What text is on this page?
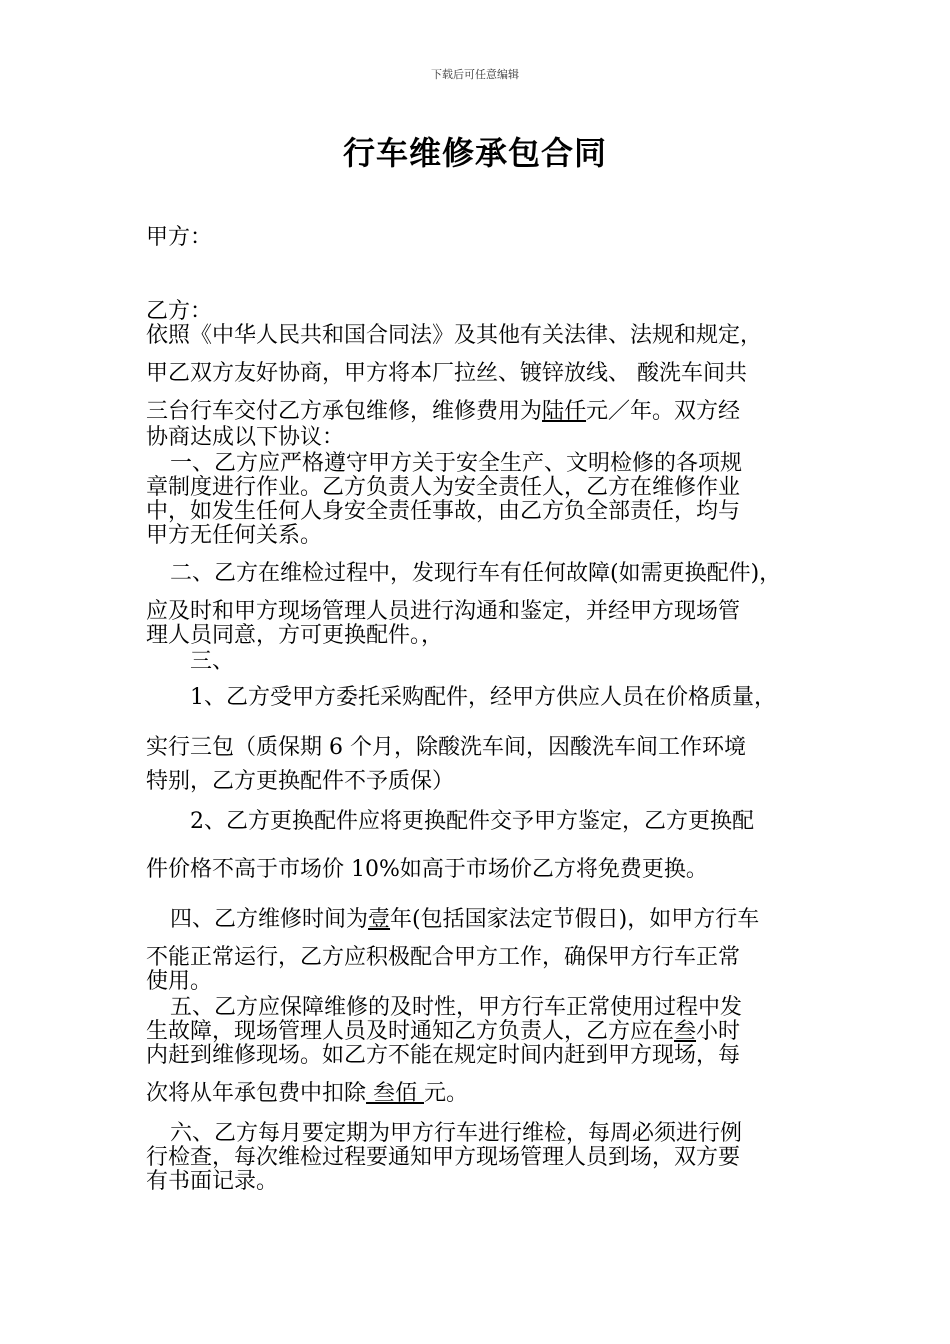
下载后可任意编辑
行车维修承包合同
甲方：
乙方：
依照《中华人民共和国合同法》及其他有关法律、法规和规定，
甲乙双方友好协商，甲方将本厂拉丝、镀锌放线、 酸洗车间共
三台行车交付乙方承包维修，维修费用为陆仟元／年。双方经
协商达成以下协议：
一、乙方应严格遵守甲方关于安全生产、文明检修的各项规
章制度进行作业。乙方负责人为安全责任人，乙方在维修作业
中，如发生任何人身安全责任事故，由乙方负全部责任，均与
甲方无任何关系。
二、乙方在维检过程中，发现行车有任何故障(如需更换配件)，
应及时和甲方现场管理人员进行沟通和鉴定，并经甲方现场管
理人员同意，方可更换配件。，
三、
1、乙方受甲方委托采购配件，经甲方供应人员在价格质量，
实行三包（质保期 6 个月，除酸洗车间，因酸洗车间工作环境
特别，乙方更换配件不予质保）
2、乙方更换配件应将更换配件交予甲方鉴定，乙方更换配
件价格不高于市场价 10%如高于市场价乙方将免费更换。
四、乙方维修时间为壹年(包括国家法定节假日)，如甲方行车
不能正常运行，乙方应积极配合甲方工作，确保甲方行车正常
使用。
五、乙方应保障维修的及时性，甲方行车正常使用过程中发
生故障，现场管理人员及时通知乙方负责人，乙方应在叁小时
内赶到维修现场。如乙方不能在规定时间内赶到甲方现场，每
次将从年承包费中扣除 叁佰 元。
六、乙方每月要定期为甲方行车进行维检，每周必须进行例
行检查，每次维检过程要通知甲方现场管理人员到场，双方要
有书面记录。
